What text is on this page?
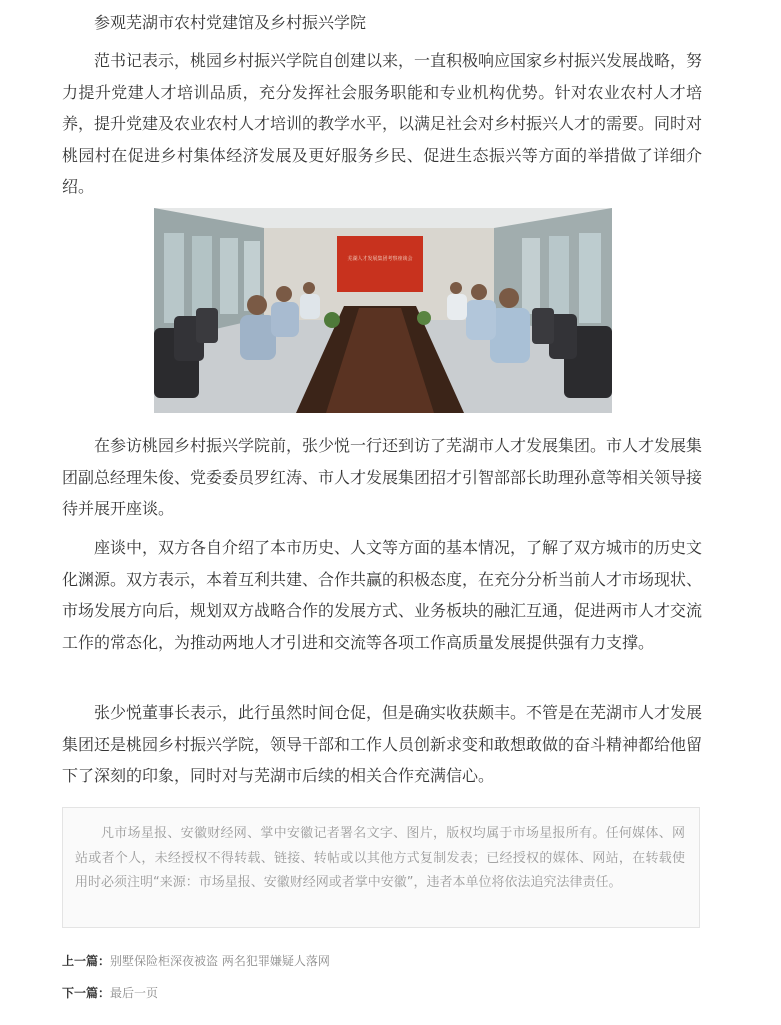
参观芜湖市农村党建馆及乡村振兴学院

范书记表示，桃园乡村振兴学院自创建以来，一直积极响应国家乡村振兴发展战略，努力提升党建人才培训品质，充分发挥社会服务职能和专业机构优势。针对农业农村人才培养，提升党建及农业农村人才培训的教学水平，以满足社会对乡村振兴人才的需要。同时对桃园村在促进乡村集体经济发展及更好服务乡民、促进生态振兴等方面的举措做了详细介绍。

芜湖人才发展集团考察座谈会

在参访桃园乡村振兴学院前，张少悦一行还到访了芜湖市人才发展集团。市人才发展集团副总经理朱俊、党委委员罗红涛、市人才发展集团招才引智部部长助理孙意等相关领导接待并展开座谈。

座谈中，双方各自介绍了本市历史、人文等方面的基本情况，了解了双方城市的历史文化渊源。双方表示，本着互利共建、合作共赢的积极态度，在充分分析当前人才市场现状、市场发展方向后，规划双方战略合作的发展方式、业务板块的融汇互通，促进两市人才交流工作的常态化，为推动两地人才引进和交流等各项工作高质量发展提供强有力支撑。

张少悦董事长表示，此行虽然时间仓促，但是确实收获颇丰。不管是在芜湖市人才发展集团还是桃园乡村振兴学院，领导干部和工作人员创新求变和敢想敢做的奋斗精神都给他留下了深刻的印象，同时对与芜湖市后续的相关合作充满信心。

凡市场星报、安徽财经网、掌中安徽记者署名文字、图片，版权均属于市场星报所有。任何媒体、网站或者个人，未经授权不得转载、链接、转帖或以其他方式复制发表；已经授权的媒体、网站，在转载使用时必须注明“来源：市场星报、安徽财经网或者掌中安徽”，违者本单位将依法追究法律责任。

上一篇：别墅保险柜深夜被盗 两名犯罪嫌疑人落网
下一篇：最后一页
